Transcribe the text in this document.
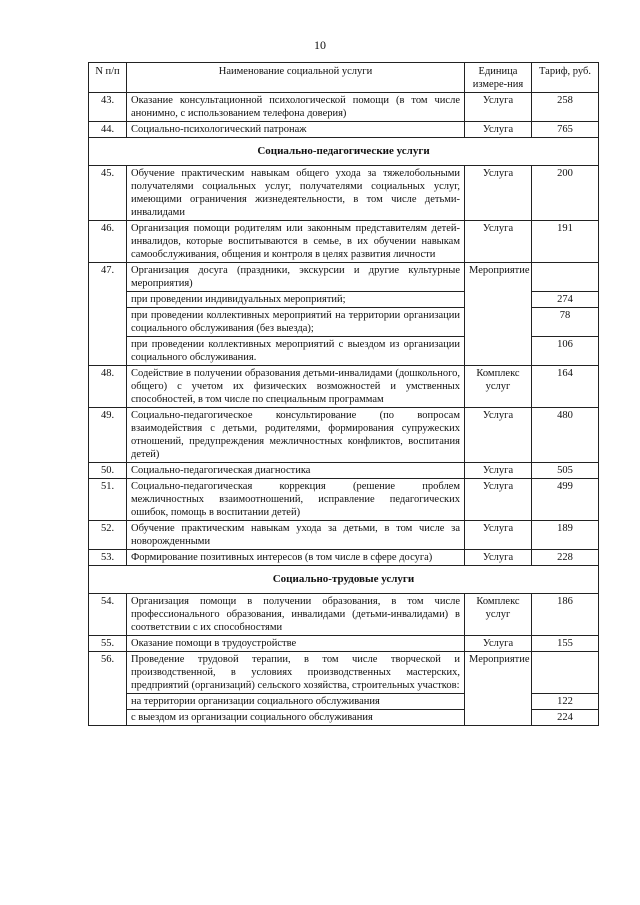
10
N п/п	Наименование социальной услуги	Единица измере-ния	Тариф, руб.
43.	Оказание консультационной психологической помощи (в том числе анонимно, с использованием телефона доверия)	Услуга	258
44.	Социально-психологический патронаж	Услуга	765
Социально-педагогические услуги			
45.	Обучение практическим навыкам общего ухода за тяжелобольными получателями социальных услуг, получателями социальных услуг, имеющими ограничения жизнедеятельности, в том числе детьми-инвалидами	Услуга	200
46.	Организация помощи родителям или законным представителям детей-инвалидов, которые воспитываются в семье, в их обучении навыкам самообслуживания, общения и контроля в целях развития личности	Услуга	191
47.	Организация досуга (праздники, экскурсии и другие культурные мероприятия)	Мероприятие	
	при проведении индивидуальных мероприятий;		274
	при проведении коллективных мероприятий на территории организации социального обслуживания (без выезда);		78
	при проведении коллективных мероприятий с выездом из организации социального обслуживания.		106
48.	Содействие в получении образования детьми-инвалидами (дошкольного, общего) с учетом их физических возможностей и умственных способностей, в том числе по специальным программам	Комплекс услуг	164
49.	Социально-педагогическое консультирование (по вопросам взаимодействия с детьми, родителями, формирования супружеских отношений, предупреждения межличностных конфликтов, воспитания детей)	Услуга	480
50.	Социально-педагогическая диагностика	Услуга	505
51.	Социально-педагогическая коррекция (решение проблем межличностных взаимоотношений, исправление педагогических ошибок, помощь в воспитании детей)	Услуга	499
52.	Обучение практическим навыкам ухода за детьми, в том числе за новорожденными	Услуга	189
53.	Формирование позитивных интересов (в том числе в сфере досуга)	Услуга	228
Социально-трудовые услуги			
54.	Организация помощи в получении образования, в том числе профессионального образования, инвалидами (детьми-инвалидами) в соответствии с их способностями	Комплекс услуг	186
55.	Оказание помощи в трудоустройстве	Услуга	155
56.	Проведение трудовой терапии, в том числе творческой и производственной, в условиях производственных мастерских, предприятий (организаций) сельского хозяйства, строительных участков:	Мероприятие	
	на территории организации социального обслуживания		122
	с выездом из организации социального обслуживания		224
